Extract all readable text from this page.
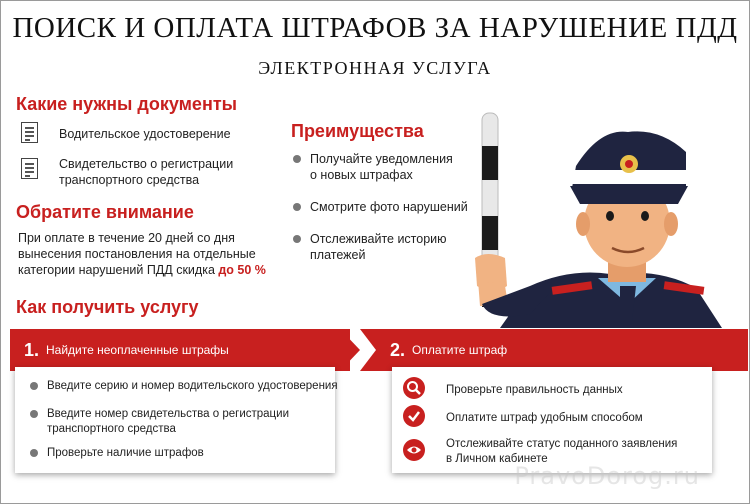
ПОИСК И ОПЛАТА ШТРАФОВ ЗА НАРУШЕНИЕ ПДД
ЭЛЕКТРОННАЯ УСЛУГА
Какие нужны документы
Водительское удостоверение
Свидетельство о регистрации
транспортного средства
Обратите внимание
При оплате в течение 20 дней со дня
вынесения постановления на отдельные
категории нарушений ПДД скидка до 50 %
Преимущества
Получайте уведомления
о новых штрафах
Смотрите фото нарушений
Отслеживайте историю
платежей
Как получить услугу
1. Найдите неоплаченные штрафы	2. Оплатите штраф
Введите серию и номер водительского удостоверения
Введите номер свидетельства о регистрации
транспортного средства
Проверьте наличие штрафов
Проверьте правильность данных
Оплатите штраф удобным способом
Отслеживайте статус поданного заявления
в Личном кабинете
PravoDorog.ru
